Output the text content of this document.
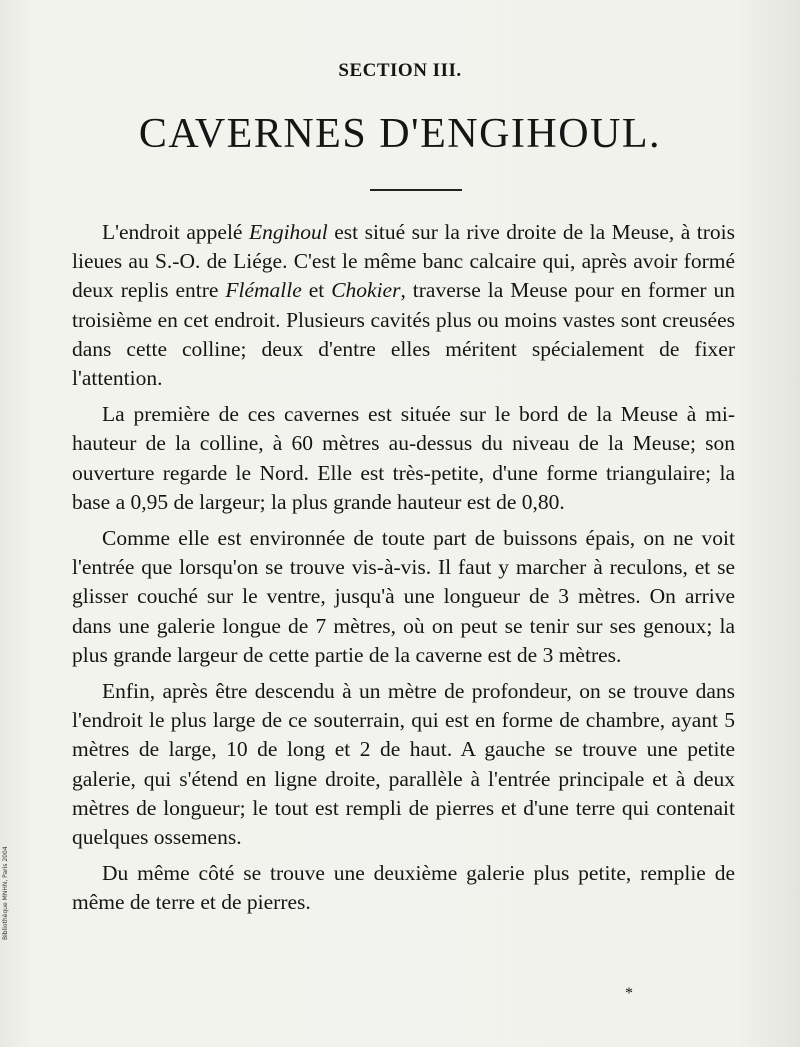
Bibliothèque MNHN, Paris 2004
SECTION III.
CAVERNES D'ENGIHOUL.

L'endroit appelé Engihoul est situé sur la rive droite de la Meuse, à trois lieues au S.-O. de Liége. C'est le même banc calcaire qui, après avoir formé deux replis entre Flémalle et Chokier, traverse la Meuse pour en former un troisième en cet endroit. Plusieurs cavités plus ou moins vastes sont creusées dans cette colline; deux d'entre elles méritent spécialement de fixer l'attention.

La première de ces cavernes est située sur le bord de la Meuse à mi-hauteur de la colline, à 60 mètres au-dessus du niveau de la Meuse; son ouverture regarde le Nord. Elle est très-petite, d'une forme triangulaire; la base a 0,95 de largeur; la plus grande hauteur est de 0,80.

Comme elle est environnée de toute part de buissons épais, on ne voit l'entrée que lorsqu'on se trouve vis-à-vis. Il faut y marcher à reculons, et se glisser couché sur le ventre, jusqu'à une longueur de 3 mètres. On arrive dans une galerie longue de 7 mètres, où on peut se tenir sur ses genoux; la plus grande largeur de cette partie de la caverne est de 3 mètres.

Enfin, après être descendu à un mètre de profondeur, on se trouve dans l'endroit le plus large de ce souterrain, qui est en forme de chambre, ayant 5 mètres de large, 10 de long et 2 de haut. A gauche se trouve une petite galerie, qui s'étend en ligne droite, parallèle à l'entrée principale et à deux mètres de longueur; le tout est rempli de pierres et d'une terre qui contenait quelques ossemens.

Du même côté se trouve une deuxième galerie plus petite, remplie de même de terre et de pierres.

*
